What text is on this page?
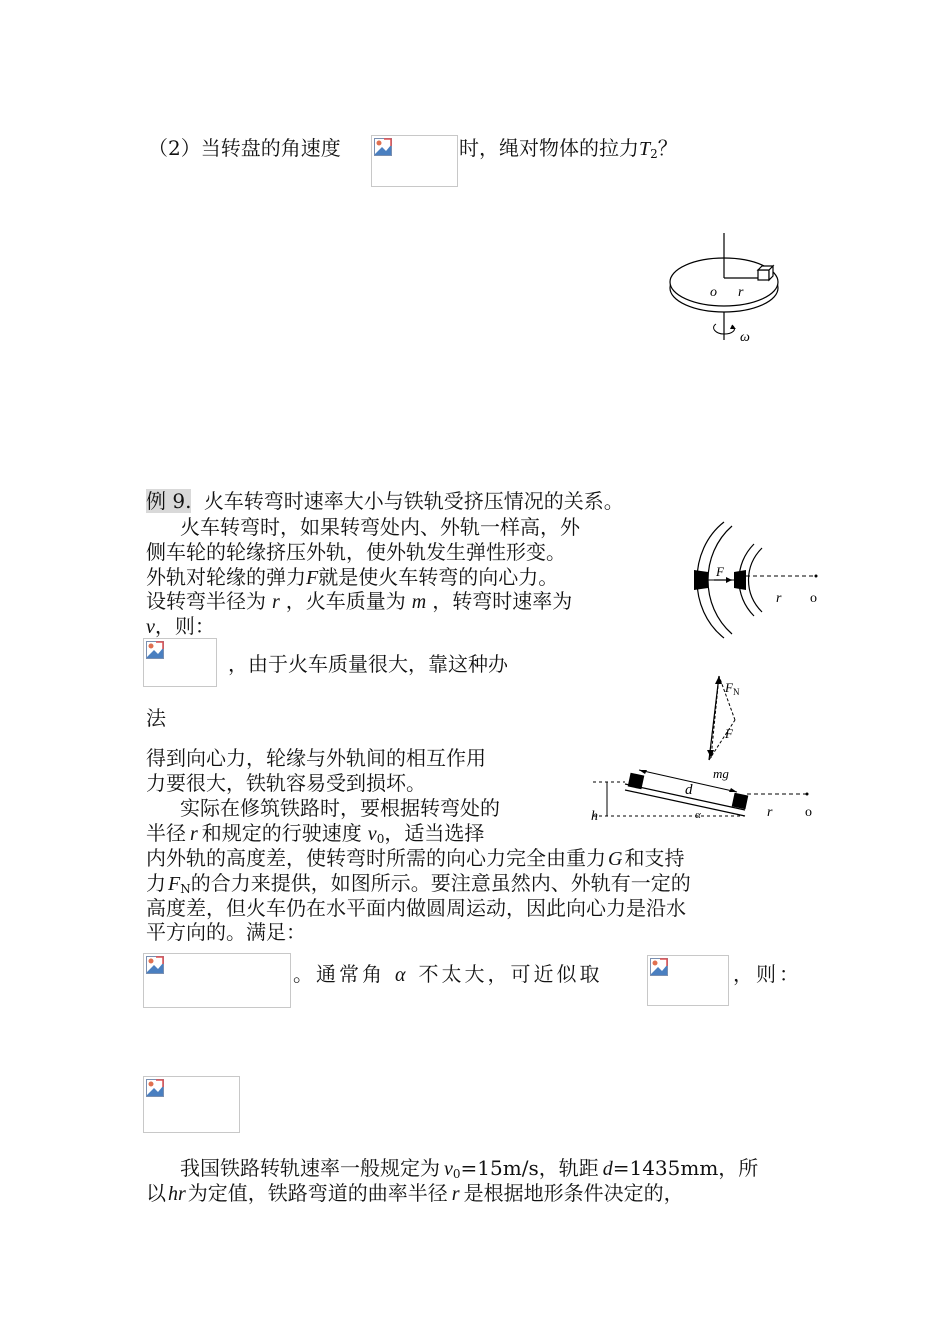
（2）当转盘的角速度	时，绳对物体的拉力$T_2$？
o r
ω
例 9. 火车转弯时速率大小与铁轨受挤压情况的关系。
火车转弯时，如果转弯处内、外轨一样高，外
侧车轮的轮缘挤压外轨，使外轨发生弹性形变。
外轨对轮缘的弹力F就是使火车转弯的向心力。
设转弯半径为 r ，火车质量为 m ，转弯时速率为
v，则：
，由于火车质量很大，靠这种办
法
得到向心力，轮缘与外轨间的相互作用
力要很大，铁轨容易受到损坏。
实际在修筑铁路时，要根据转弯处的
半径 r 和规定的行驶速度 $v_0$，适当选择
内外轨的高度差，使转弯时所需的向心力完全由重力 G 和支持
力 $F_N$的合力来提供，如图所示。要注意虽然内、外轨有一定的
高度差，但火车仍在水平面内做圆周运动，因此向心力是沿水
平方向的。满足：
。通常角 α 不太大，可近似取	，则：
我国铁路转轨速率一般规定为 $v_0=15m/s$，轨距 d=1435mm，所
以 hr 为定值，铁路弯道的曲率半径 r 是根据地形条件决定的，
F
r o
$F_N$
F
mg
d
h	α	r o
